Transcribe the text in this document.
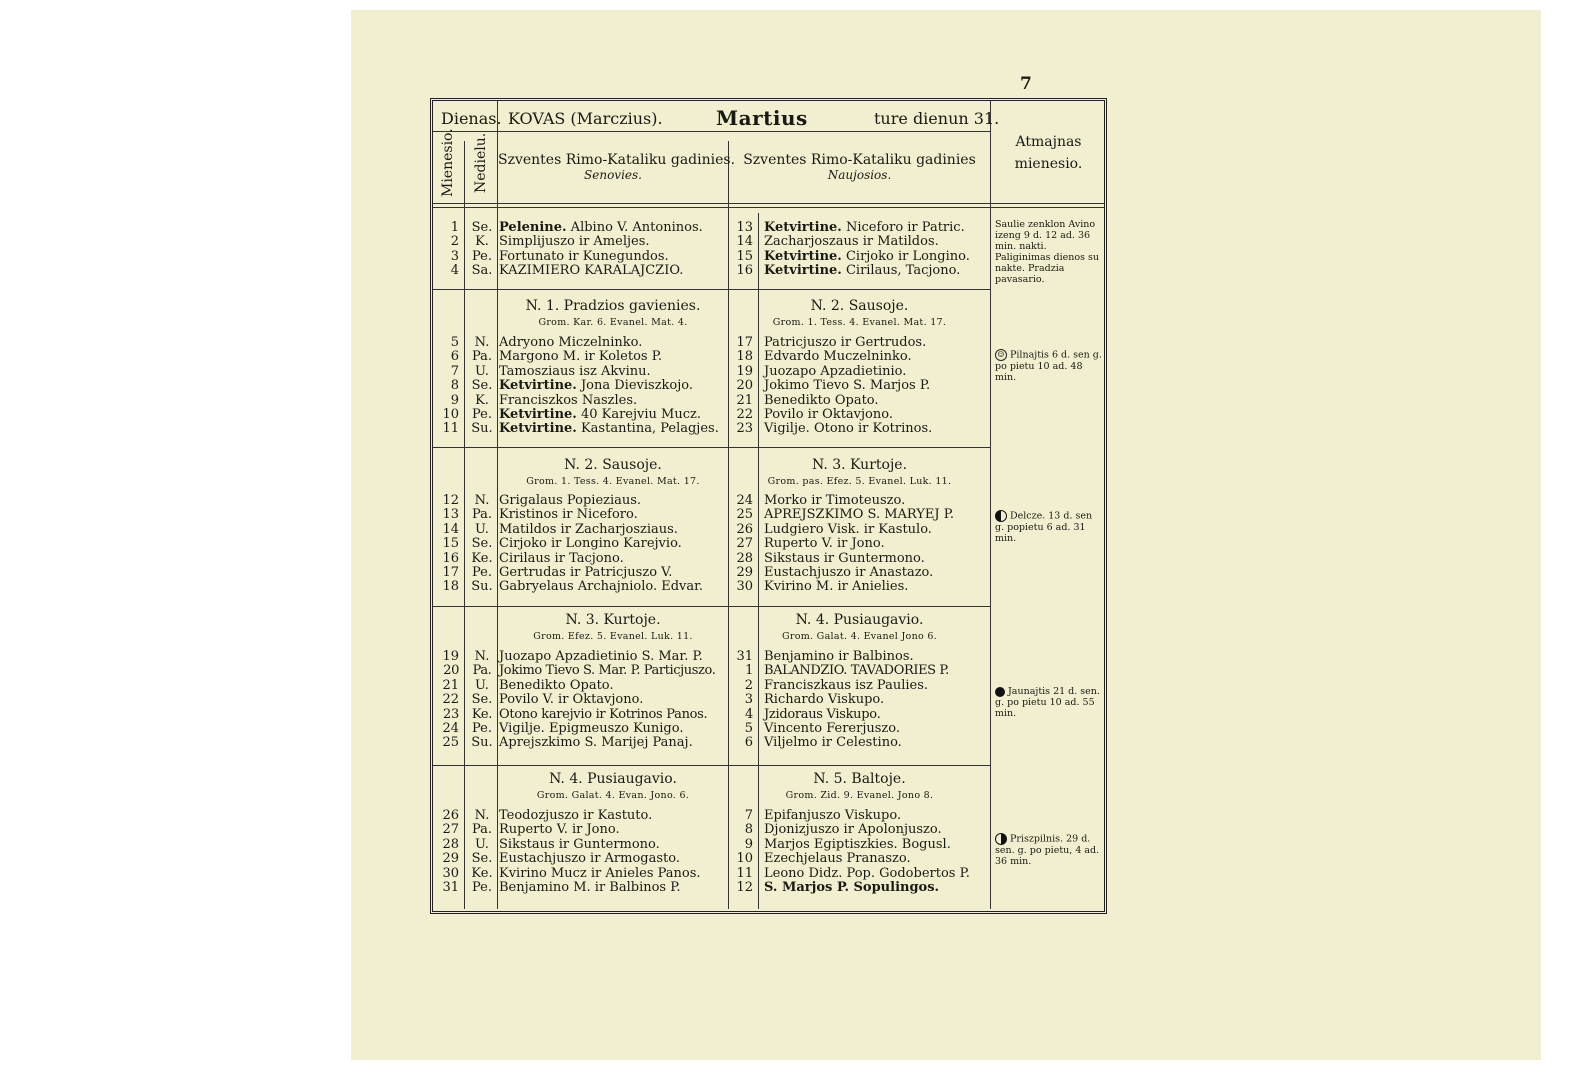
7
Dienas. KOVAS (Marczius).	Martius	ture dienun 31.
Atmajnas
mienesio.
Mienesio. Nedielu. Szventes Rimo-Kataliku gadinies.
Senovies.
Szventes Rimo-Kataliku gadinies
Naujosios.
1 Se. Pelenine. Albino V. Antoninos.	13 Ketvirtine. Niceforo ir Patric.
2	K. Simplijuszo ir Ameljes.	14 Zacharjoszaus ir Matildos.
3	Pe. Fortunato ir Kunegundos.	15 Ketvirtine. Cirjoko ir Longino.
4 Sa. KAZIMIERO KARALAJCZIO.	16 Ketvirtine. Cirilaus, Tacjono.
N. 1. Pradzios gavienies.
Grom. Kar. 6. Evanel. Mat. 4.
N. 2. Sausoje.
Grom. 1. Tess. 4. Evanel. Mat. 17.
5	N. Adryono Miczelninko.	17 Patricjuszo ir Gertrudos.
6 Pa. Margono M. ir Koletos P.	18 Edvardo Muczelninko.
7	U. Tamosziaus isz Akvinu.	19 Juozapo Apzadietinio.
8 Se. Ketvirtine. Jona Dieviszkojo.	20 Jokimo Tievo S. Marjos P.
9	K. Franciszkos Naszles.	21 Benedikto Opato.
10	Pe. Ketvirtine. 40 Karejviu Mucz.	22 Povilo ir Oktavjono.
11 Su. Ketvirtine. Kastantina, Pelagjes.	23 Vigilje. Otono ir Kotrinos.
N. 2. Sausoje.
Grom. 1. Tess. 4. Evanel. Mat. 17.
N. 3. Kurtoje.
Grom. pas. Efez. 5. Evanel. Luk. 11.
12	N. Grigalaus Popieziaus.	24 Morko ir Timoteuszo.
13 Pa. Kristinos ir Niceforo.	25 APREJSZKIMO S. MARYEJ P.
14	U. Matildos ir Zacharjosziaus.	26 Ludgiero Visk. ir Kastulo.
15 Se. Cirjoko ir Longino Karejvio.	27 Ruperto V. ir Jono.
16 Ke. Cirilaus ir Tacjono.	28 Sikstaus ir Guntermono.
17	Pe. Gertrudas ir Patricjuszo V.	29 Eustachjuszo ir Anastazo.
18 Su. Gabryelaus Archajniolo. Edvar.	30 Kvirino M. ir Anielies.
N. 3. Kurtoje.
Grom. Efez. 5. Evanel. Luk. 11.
N. 4. Pusiaugavio.
Grom. Galat. 4. Evanel Jono 6.
19	N. Juozapo Apzadietinio S. Mar. P.	31 Benjamino ir Balbinos.
20	Pa. Jokimo Tievo S. Mar. P. Particjuszo.	1 BALANDZIO. TAVADORIES P.
21	U. Benedikto Opato.	2 Franciszkaus isz Paulies.
22 Se. Povilo V. ir Oktavjono.	3 Richardo Viskupo.
23 Ke. Otono karejvio ir Kotrinos Panos.	4 Jzidoraus Viskupo.
24	Pe. Vigilje. Epigmeuszo Kunigo.	5 Vincento Fererjuszo.
25 Su. Aprejszkimo S. Marijej Panaj.	6 Viljelmo ir Celestino.
N. 4. Pusiaugavio.
Grom. Galat. 4. Evan. Jono. 6.
N. 5. Baltoje.
Grom. Zid. 9. Evanel. Jono 8.
26	N. Teodozjuszo ir Kastuto.	7 Epifanjuszo Viskupo.
27 Pa. Ruperto V. ir Jono.	8 Djonizjuszo ir Apolonjuszo.
28	U. Sikstaus ir Guntermono.	9 Marjos Egiptiszkies. Bogusl.
29 Se. Eustachjuszo ir Armogasto.	10 Ezechjelaus Pranaszo.
30 Ke. Kvirino Mucz ir Anieles Panos.	11 Leono Didz. Pop. Godobertos P.
31	Pe. Benjamino M. ir Balbinos P.	12 S. Marjos P. Sopulingos.
Saulie zenklon Avino izeng 9 d. 12 ad. 36 min. nakti. Paliginimas dienos su nakte. Pradzia pavasario.
☺ Pilnajtis 6 d. sen g. po pietu 10 ad. 48 min.
Delcze. 13 d. sen g. popietu 6 ad. 31 min.
Jaunajtis 21 d. sen. g. po pietu 10 ad. 55 min.
Priszpilnis. 29 d. sen. g. po pietu, 4 ad. 36 min.
